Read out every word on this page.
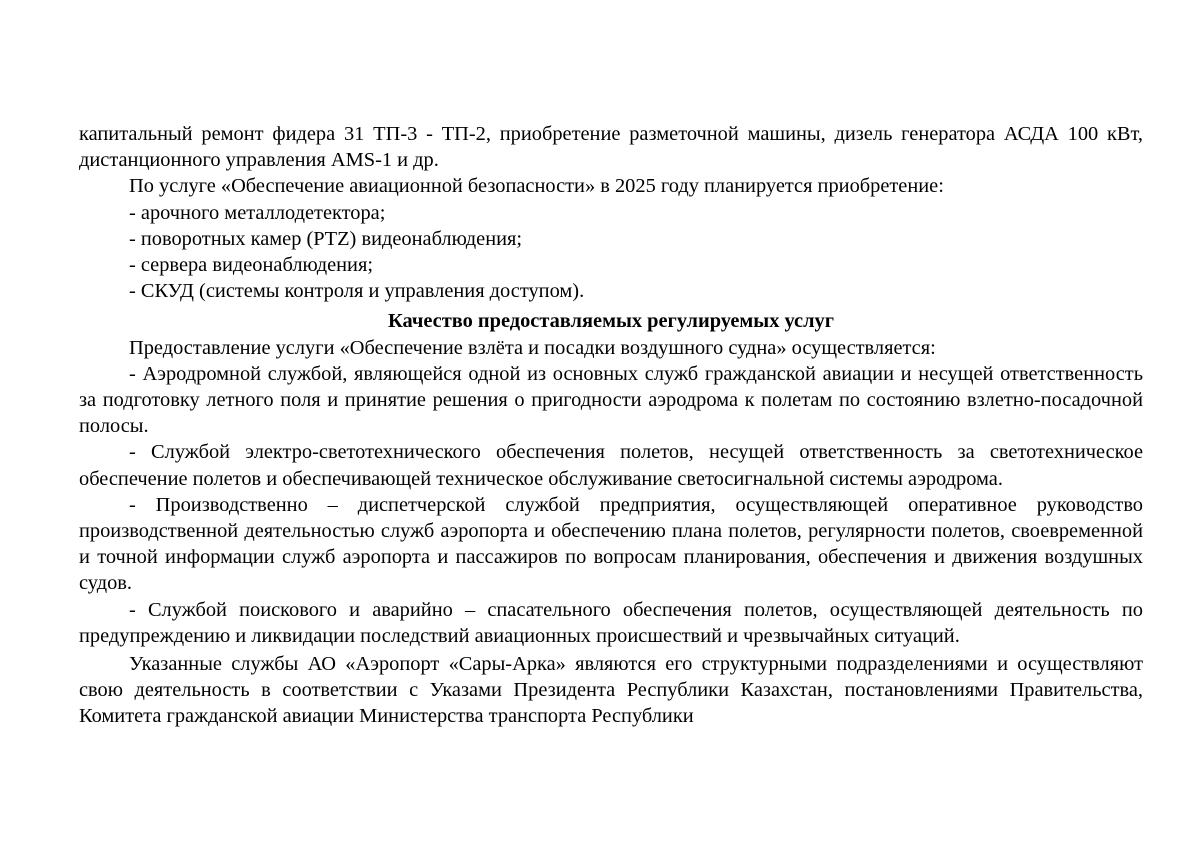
капитальный ремонт фидера 31 ТП-3 - ТП-2, приобретение разметочной машины, дизель генератора АСДА 100 кВт, дистанционного управления AMS-1 и др.

По услуге «Обеспечение авиационной безопасности» в 2025 году планируется приобретение:

- арочного металлодетектора;

- поворотных камер (PTZ) видеонаблюдения;

- сервера видеонаблюдения;

- СКУД (системы контроля и управления доступом).

Качество предоставляемых регулируемых услуг

Предоставление услуги «Обеспечение взлёта и посадки воздушного судна» осуществляется:

- Аэродромной службой, являющейся одной из основных служб гражданской авиации и несущей ответственность за подготовку летного поля и принятие решения о пригодности аэродрома к полетам по состоянию взлетно-посадочной полосы.

- Службой электро-светотехнического обеспечения полетов, несущей ответственность за светотехническое обеспечение полетов и обеспечивающей техническое обслуживание светосигнальной системы аэродрома.

- Производственно – диспетчерской службой предприятия, осуществляющей оперативное руководство производственной деятельностью служб аэропорта и обеспечению плана полетов, регулярности полетов, своевременной и точной информации служб аэропорта и пассажиров по вопросам планирования, обеспечения и движения воздушных судов.

- Службой поискового и аварийно – спасательного обеспечения полетов, осуществляющей деятельность по предупреждению и ликвидации последствий авиационных происшествий и чрезвычайных ситуаций.

Указанные службы АО «Аэропорт «Сары-Арка» являются его структурными подразделениями и осуществляют свою деятельность в соответствии с Указами Президента Республики Казахстан, постановлениями Правительства, Комитета гражданской авиации Министерства транспорта Республики
